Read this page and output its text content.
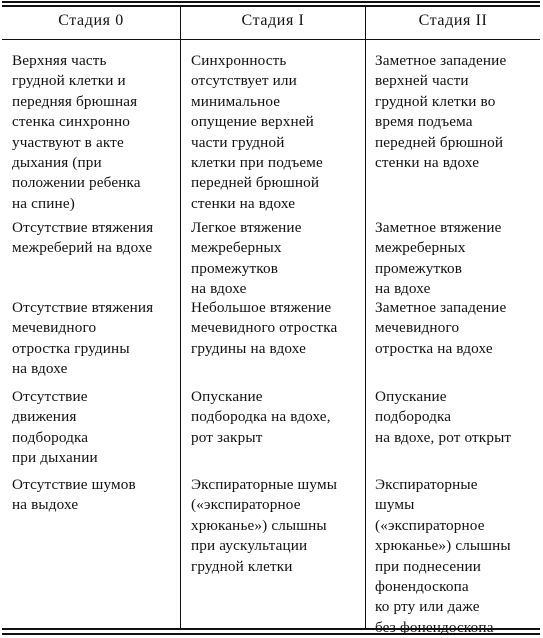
Стадия 0	Стадия I	Стадия II
Верхняя часть
грудной клетки и
передняя брюшная
стенка синхронно
участвуют в акте
дыхания (при
положении ребенка
на спине)
Синхронность
отсутствует или
минимальное
опущение верхней
части грудной
клетки при подъеме
передней брюшной
стенки на вдохе
Заметное западение
верхней части
грудной клетки во
время подъема
передней брюшной
стенки на вдохе
Отсутствие втяжения
межреберий на вдохе
Легкое втяжение
межреберных
промежутков
на вдохе
Заметное втяжение
межреберных
промежутков
на вдохе
Отсутствие втяжения
мечевидного
отростка грудины
на вдохе
Небольшое втяжение
мечевидного отростка
грудины на вдохе
Заметное западение
мечевидного
отростка на вдохе
Отсутствие
движения
подбородка
при дыхании
Опускание
подбородка на вдохе,
рот закрыт
Опускание
подбородка
на вдохе, рот открыт
Отсутствие шумов
на выдохе
Экспираторные шумы
(«экспираторное
хрюканье») слышны
при аускультации
грудной клетки
Экспираторные
шумы
(«экспираторное
хрюканье») слышны
при поднесении
фонендоскопа
ко рту или даже
без фонендоскопа
